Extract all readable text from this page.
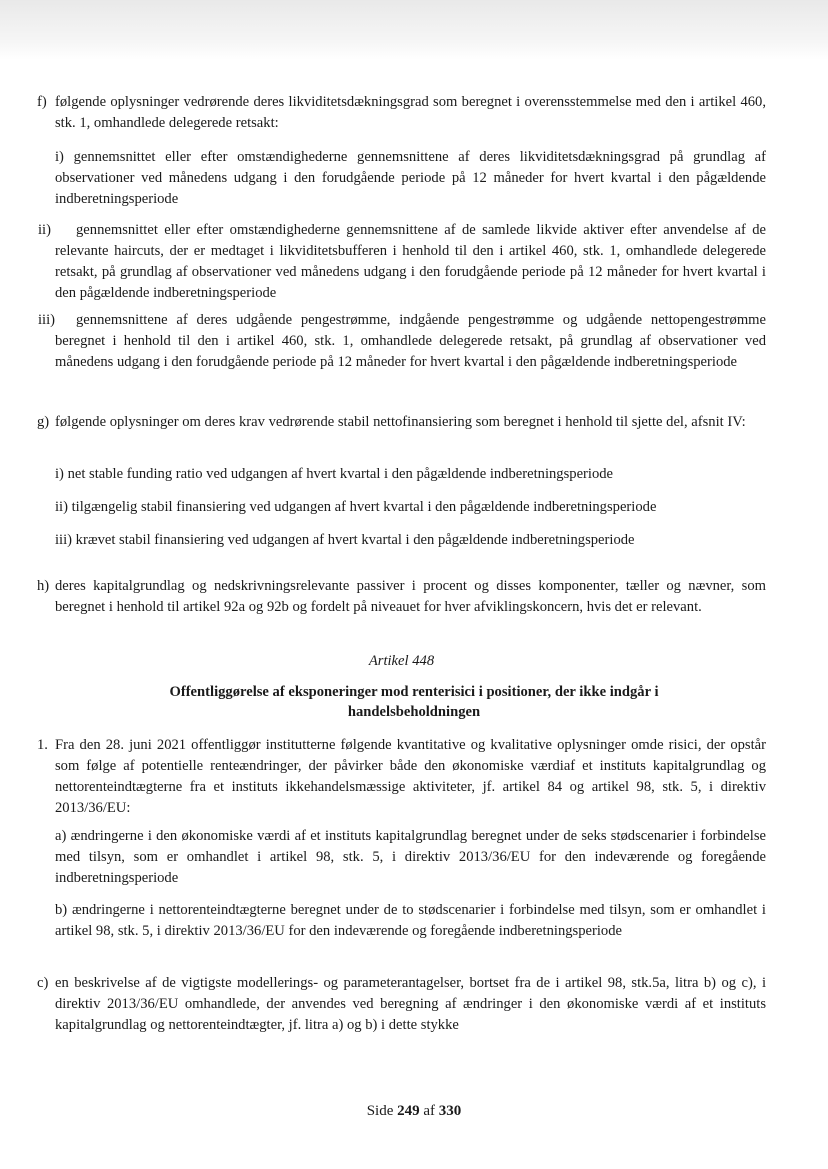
f) følgende oplysninger vedrørende deres likviditetsdækningsgrad som beregnet i overensstemmelse med den i artikel 460, stk. 1, omhandlede delegerede retsakt:
i) gennemsnittet eller efter omstændighederne gennemsnittene af deres likviditetsdækningsgrad på grundlag af observationer ved månedens udgang i den forudgående periode på 12 måneder for hvert kvartal i den pågældende indberetningsperiode
ii)	gennemsnittet eller efter omstændighederne gennemsnittene af de samlede likvide aktiver efter anvendelse af de relevante haircuts, der er medtaget i likviditetsbufferen i henhold til den i artikel 460, stk. 1, omhandlede delegerede retsakt, på grundlag af observationer ved månedens udgang i den forudgående periode på 12 måneder for hvert kvartal i den pågældende indberetningsperiode
iii)	gennemsnittene af deres udgående pengestrømme, indgående pengestrømme og udgående nettopengestrømme beregnet i henhold til den i artikel 460, stk. 1, omhandlede delegerede retsakt, på grundlag af observationer ved månedens udgang i den forudgående periode på 12 måneder for hvert kvartal i den pågældende indberetningsperiode
g) følgende oplysninger om deres krav vedrørende stabil nettofinansiering som beregnet i henhold til sjette del, afsnit IV:
i) net stable funding ratio ved udgangen af hvert kvartal i den pågældende indberetningsperiode
ii) tilgængelig stabil finansiering ved udgangen af hvert kvartal i den pågældende indberetningsperiode
iii) krævet stabil finansiering ved udgangen af hvert kvartal i den pågældende indberetningsperiode
h) deres kapitalgrundlag og nedskrivningsrelevante passiver i procent og disses komponenter, tæller og nævner, som beregnet i henhold til artikel 92a og 92b og fordelt på niveauet for hver afviklingskoncern, hvis det er relevant.
Artikel 448
Offentliggørelse af eksponeringer mod renterisici i positioner, der ikke indgår i handelsbeholdningen
1. Fra den 28. juni 2021 offentliggør institutterne følgende kvantitative og kvalitative oplysninger omde risici, der opstår som følge af potentielle renteændringer, der påvirker både den økonomiske værdiaf et instituts kapitalgrundlag og nettorenteindtægterne fra et instituts ikkehandelsmæssige aktiviteter, jf. artikel 84 og artikel 98, stk. 5, i direktiv 2013/36/EU:
a) ændringerne i den økonomiske værdi af et instituts kapitalgrundlag beregnet under de seks stødscenarier i forbindelse med tilsyn, som er omhandlet i artikel 98, stk. 5, i direktiv 2013/36/EU for den indeværende og foregående indberetningsperiode
b) ændringerne i nettorenteindtægterne beregnet under de to stødscenarier i forbindelse med tilsyn, som er omhandlet i artikel 98, stk. 5, i direktiv 2013/36/EU for den indeværende og foregående indberetningsperiode
c) en beskrivelse af de vigtigste modellerings- og parameterantagelser, bortset fra de i artikel 98, stk.5a, litra b) og c), i direktiv 2013/36/EU omhandlede, der anvendes ved beregning af ændringer i den økonomiske værdi af et instituts kapitalgrundlag og nettorenteindtægter, jf. litra a) og b) i dette stykke
Side 249 af 330
